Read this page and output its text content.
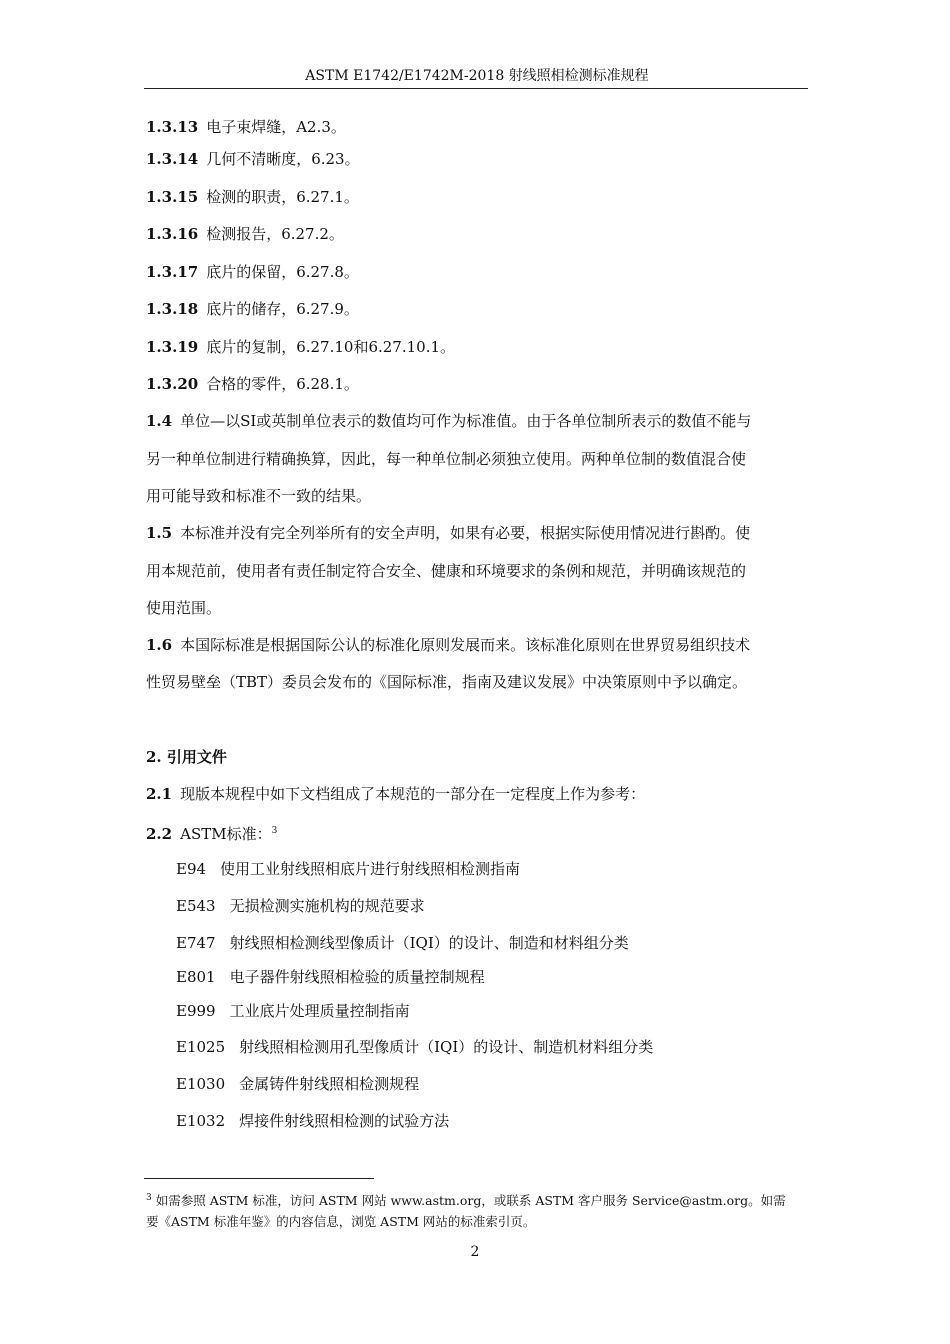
ASTM E1742/E1742M-2018 射线照相检测标准规程
1.3.13 电子束焊缝，A2.3。
1.3.14 几何不清晰度，6.23。
1.3.15 检测的职责，6.27.1。
1.3.16 检测报告，6.27.2。
1.3.17 底片的保留，6.27.8。
1.3.18 底片的储存，6.27.9。
1.3.19 底片的复制，6.27.10和6.27.10.1。
1.3.20 合格的零件，6.28.1。
1.4 单位—以SI或英制单位表示的数值均可作为标准值。由于各单位制所表示的数值不能与
另一种单位制进行精确换算，因此，每一种单位制必须独立使用。两种单位制的数值混合使
用可能导致和标准不一致的结果。
1.5 本标准并没有完全列举所有的安全声明，如果有必要，根据实际使用情况进行斟酌。使
用本规范前，使用者有责任制定符合安全、健康和环境要求的条例和规范，并明确该规范的
使用范围。
1.6 本国际标准是根据国际公认的标准化原则发展而来。该标准化原则在世界贸易组织技术
性贸易壁垒（TBT）委员会发布的《国际标准，指南及建议发展》中决策原则中予以确定。
2. 引用文件
2.1 现版本规程中如下文档组成了本规范的一部分在一定程度上作为参考：
2.2 ASTM标准：$^3$
E94 使用工业射线照相底片进行射线照相检测指南
E543 无损检测实施机构的规范要求
E747 射线照相检测线型像质计（IQI）的设计、制造和材料组分类
E801 电子器件射线照相检验的质量控制规程
E999 工业底片处理质量控制指南
E1025 射线照相检测用孔型像质计（IQI）的设计、制造机材料组分类
E1030 金属铸件射线照相检测规程
E1032 焊接件射线照相检测的试验方法
$^3$ 如需参照 ASTM 标准，访问 ASTM 网站 www.astm.org，或联系 ASTM 客户服务 Service@astm.org。如需
要《ASTM 标准年鉴》的内容信息，浏览 ASTM 网站的标准索引页。
2
